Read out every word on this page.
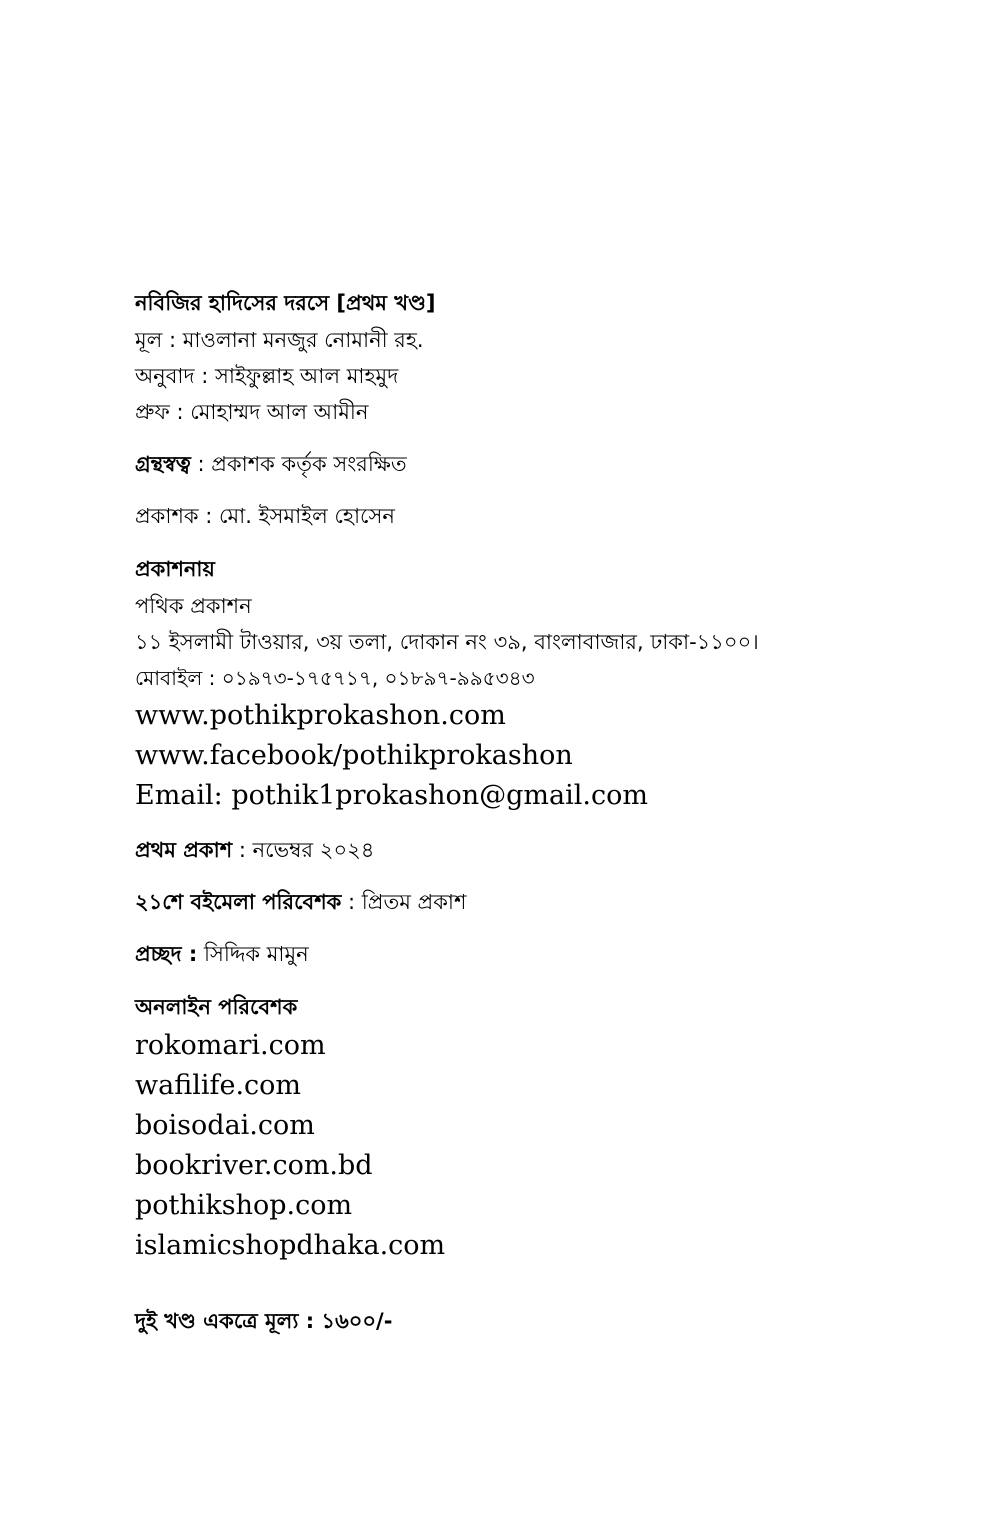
নবিজির হাদিসের দরসে [প্রথম খণ্ড]
মূল : মাওলানা মনজুর নোমানী রহ.
অনুবাদ : সাইফুল্লাহ আল মাহমুদ
প্রুফ : মোহাম্মদ আল আমীন
গ্রন্থস্বত্ব : প্রকাশক কর্তৃক সংরক্ষিত
প্রকাশক : মো. ইসমাইল হোসেন
প্রকাশনায়
পথিক প্রকাশন
১১ ইসলামী টাওয়ার, ৩য় তলা, দোকান নং ৩৯, বাংলাবাজার, ঢাকা-১১০০।
মোবাইল : ০১৯৭৩-১৭৫৭১৭, ০১৮৯৭-৯৯৫৩৪৩
www.pothikprokashon.com
www.facebook/pothikprokashon
Email: pothik1prokashon@gmail.com
প্রথম প্রকাশ : নভেম্বর ২০২৪
২১শে বইমেলা পরিবেশক : প্রিতম প্রকাশ
প্রচ্ছদ : সিদ্দিক মামুন
অনলাইন পরিবেশক
rokomari.com
wafilife.com
boisodai.com
bookriver.com.bd
pothikshop.com
islamicshopdhaka.com
দুই খণ্ড একত্রে মূল্য : ১৬০০/-
